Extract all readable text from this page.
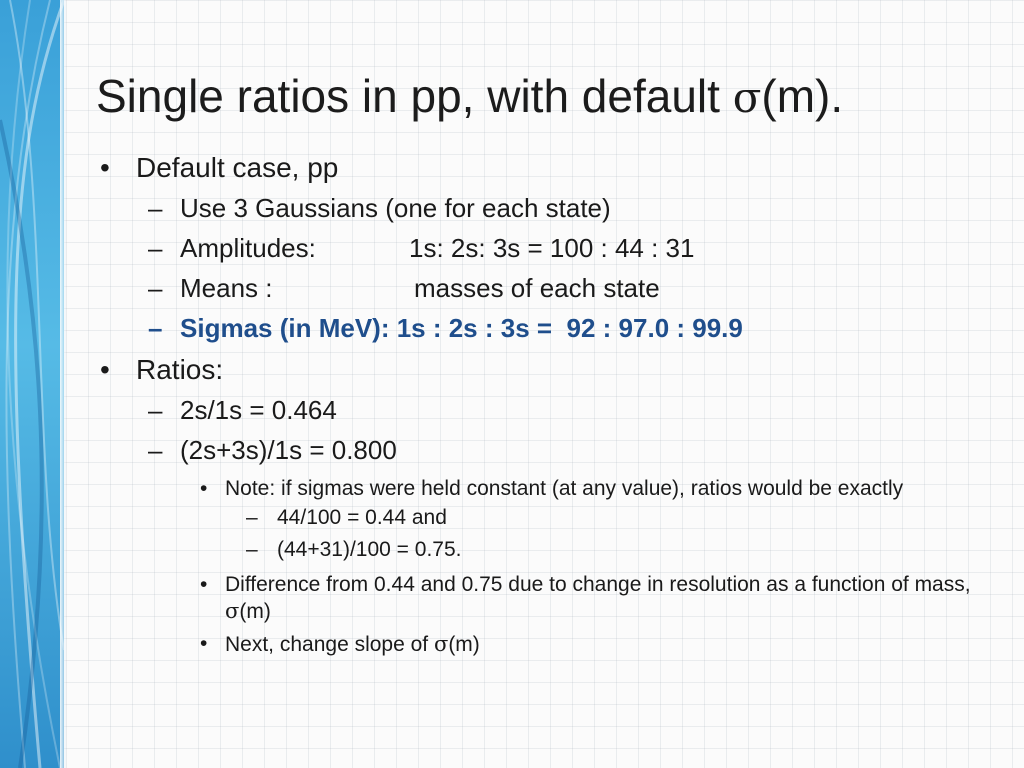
Single ratios in pp, with default σ(m).
• Default case, pp
– Use 3 Gaussians (one for each state)
– Amplitudes:	1s: 2s: 3s = 100 : 44 : 31
– Means :	masses of each state
– Sigmas (in MeV): 1s : 2s : 3s =  92 : 97.0 : 99.9
• Ratios:
– 2s/1s = 0.464
– (2s+3s)/1s = 0.800
• Note: if sigmas were held constant (at any value), ratios would be exactly
– 44/100 = 0.44 and
– (44+31)/100 = 0.75.
• Difference from 0.44 and 0.75 due to change in resolution as a function of mass, σ(m)
• Next, change slope of σ(m)
